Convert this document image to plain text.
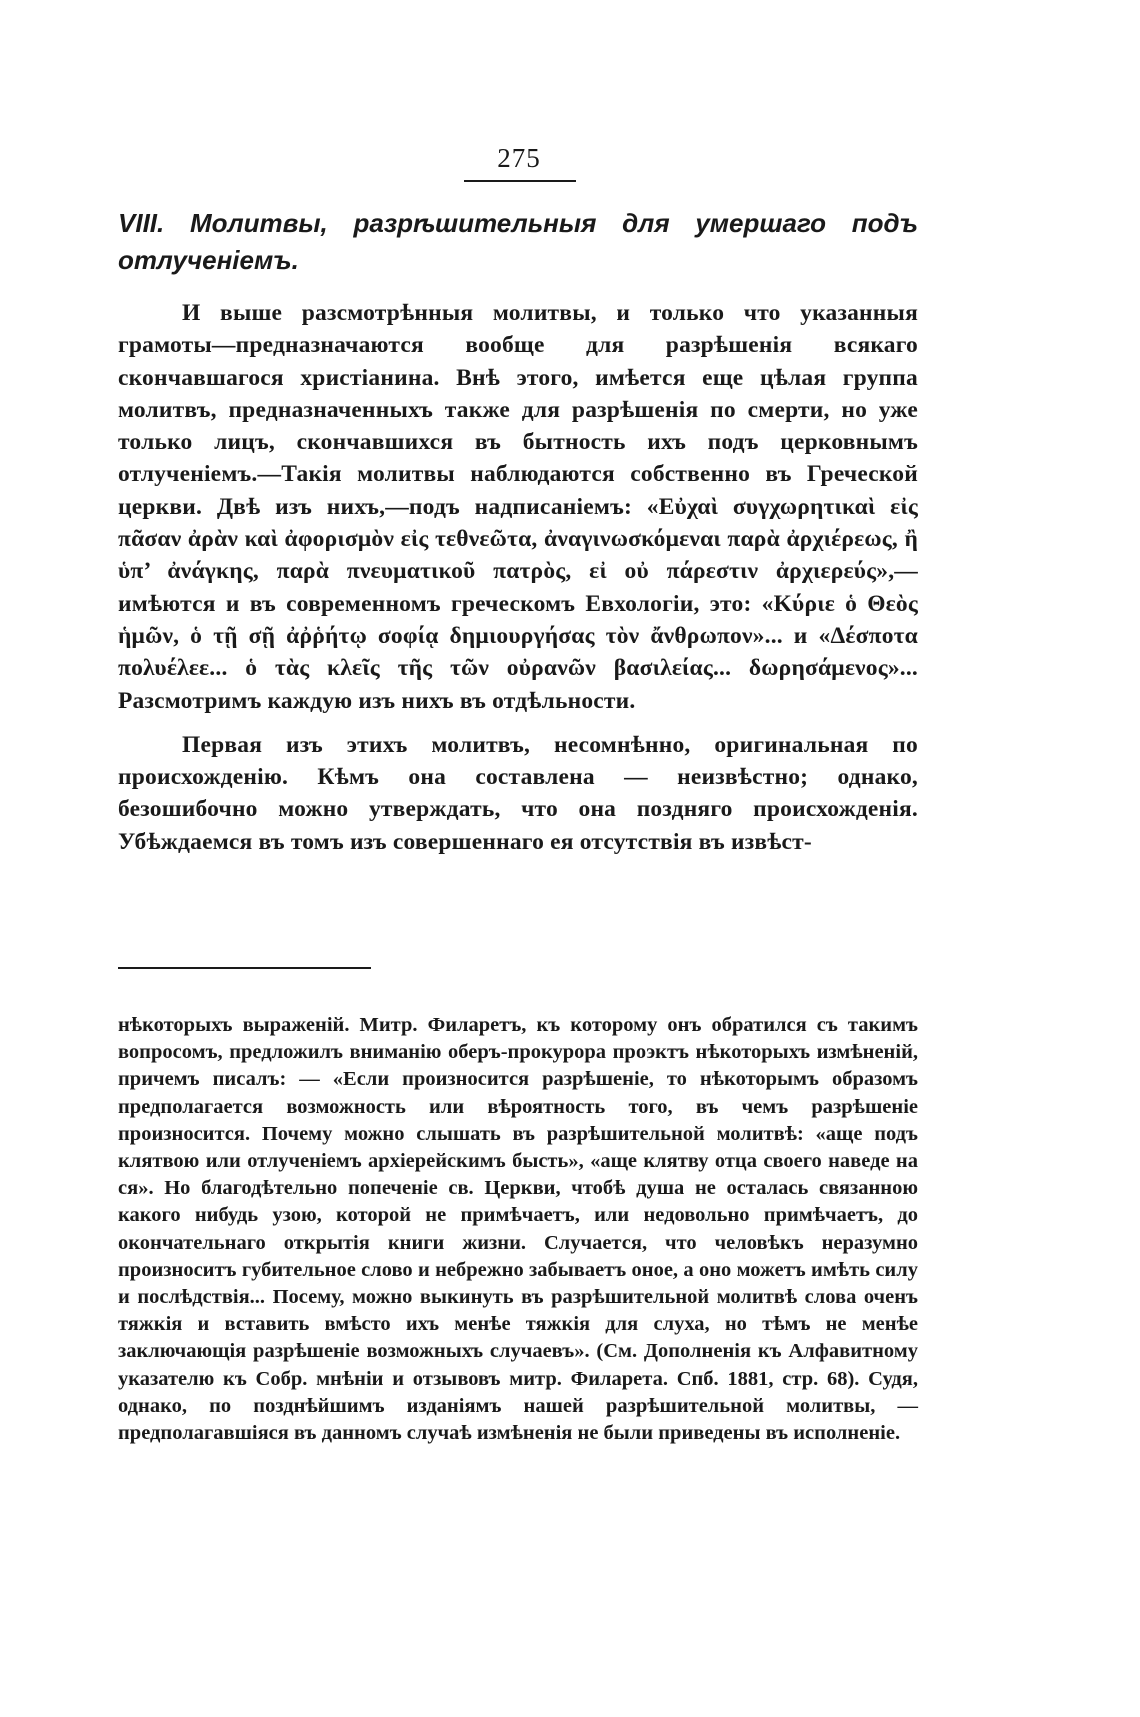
275
VIII. Молитвы, разрѣшительныя для умершаго подъ отлученіемъ.

И выше разсмотрѣнныя молитвы, и только что указанныя грамоты—предназначаются вообще для разрѣшенія всякаго скончавшагося христіанина. Внѣ этого, имѣется еще цѣлая группа молитвъ, предназначенныхъ также для разрѣшенія по смерти, но уже только лицъ, скончавшихся въ бытность ихъ подъ церковнымъ отлученіемъ.—Такія молитвы наблюдаются собственно въ Греческой церкви. Двѣ изъ нихъ,—подъ надписаніемъ: «Εὐχαὶ συγχωρητικαὶ εἰς πᾶσαν ἀρὰν καὶ ἀφορισμὸν εἰς τεθνεῶτα, ἀναγινωσκόμεναι παρὰ ἀρχιέρεως, ἢ ὑπ’ ἀνάγκης, παρὰ πνευματικοῦ πατρὸς, εἰ οὐ πάρεστιν ἀρχιερεύς»,—имѣются и въ современномъ греческомъ Евхологіи, это: «Κύριε ὁ Θεὸς ἡμῶν, ὁ τῇ σῇ ἀῤῥήτῳ σοφίᾳ δημιουργήσας τὸν ἄνθρωπον»... и «Δέσποτα πολυέλεε... ὁ τὰς κλεῖς τῆς τῶν οὐρανῶν βασιλείας... δωρησάμενος»... Разсмотримъ каждую изъ нихъ въ отдѣльности.

Первая изъ этихъ молитвъ, несомнѣнно, оригинальная по происхожденію. Кѣмъ она составлена — неизвѣстно; однако, безошибочно можно утверждать, что она поздняго происхожденія. Убѣждаемся въ томъ изъ совершеннаго ея отсутствія въ извѣст-

нѣкоторыхъ выраженій. Митр. Филаретъ, къ которому онъ обратился съ такимъ вопросомъ, предложилъ вниманію оберъ-прокурора проэктъ нѣкоторыхъ измѣненій, причемъ писалъ: — «Если произносится разрѣшеніе, то нѣкоторымъ образомъ предполагается возможность или вѣроятность того, въ чемъ разрѣшеніе произносится. Почему можно слышать въ разрѣшительной молитвѣ: «аще подъ клятвою или отлученіемъ архіерейскимъ бысть», «аще клятву отца своего наведе на ся». Но благодѣтельно попеченіе св. Церкви, чтобѣ душа не осталась связанною какого нибудь узою, которой не примѣчаетъ, или недовольно примѣчаетъ, до окончательнаго открытія книги жизни. Случается, что человѣкъ неразумно произноситъ губительное слово и небрежно забываетъ оное, а оно можетъ имѣть силу и послѣдствія... Посему, можно выкинуть въ разрѣшительной молитвѣ слова оченъ тяжкія и вставить вмѣсто ихъ менѣе тяжкія для слуха, но тѣмъ не менѣе заключающія разрѣшеніе возможныхъ случаевъ». (См. Дополненія къ Алфавитному указателю къ Собр. мнѣніи и отзывовъ митр. Филарета. Спб. 1881, стр. 68). Судя, однако, по позднѣйшимъ изданіямъ нашей разрѣшительной молитвы, — предполагавшіяся въ данномъ случаѣ измѣненія не были приведены въ исполненіе.
